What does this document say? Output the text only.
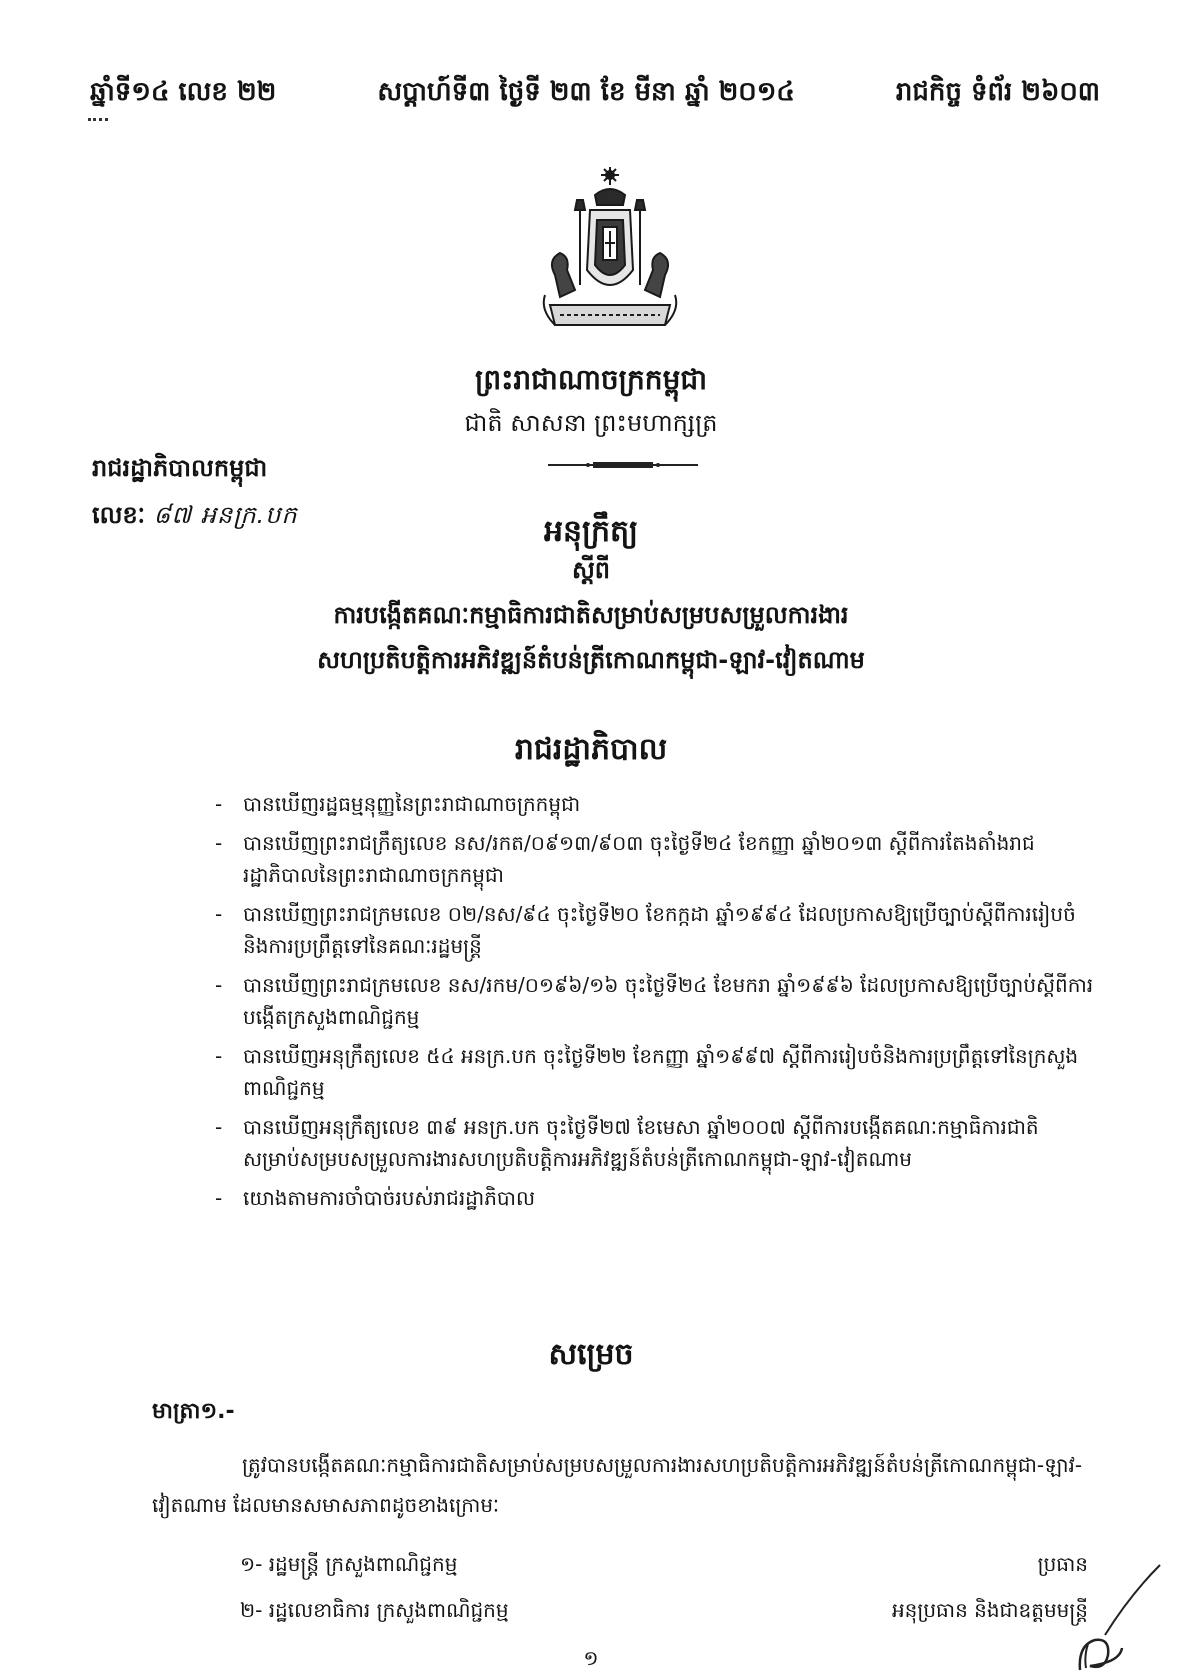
ឆ្នាំទី១៤ លេខ ២២	សប្តាហ៍ទី៣ ថ្ងៃទី ២៣ ខែ មីនា ឆ្នាំ ២០១៤	រាជកិច្ច ទំព័រ ២៦០៣
ព្រះរាជាណាចក្រកម្ពុជា
ជាតិ សាសនា ព្រះមហាក្សត្រ
រាជរដ្ឋាភិបាលកម្ពុជា
លេខៈ ៨៧ អនក្រ.បក	អនុក្រឹត្យ
ស្តីពី
ការបង្កើតគណៈកម្មាធិការជាតិសម្រាប់សម្របសម្រួលការងារ
សហប្រតិបត្តិការអភិវឌ្ឍន៍តំបន់ត្រីកោណកម្ពុជា-ឡាវ-វៀតណាម
រាជរដ្ឋាភិបាល
- បានឃើញរដ្ឋធម្មនុញ្ញនៃព្រះរាជាណាចក្រកម្ពុជា
- បានឃើញព្រះរាជក្រឹត្យលេខ នស/រកត/០៩១៣/៩០៣ ចុះថ្ងៃទី២៤ ខែកញ្ញា ឆ្នាំ២០១៣ ស្តីពីការតែងតាំងរាជរដ្ឋាភិបាលនៃព្រះរាជាណាចក្រកម្ពុជា
- បានឃើញព្រះរាជក្រមលេខ ០២/នស/៩៤ ចុះថ្ងៃទី២០ ខែកក្កដា ឆ្នាំ១៩៩៤ ដែលប្រកាសឱ្យប្រើច្បាប់ស្តីពីការរៀបចំនិងការប្រព្រឹត្តទៅនៃគណៈរដ្ឋមន្ត្រី
- បានឃើញព្រះរាជក្រមលេខ នស/រកម/០១៩៦/១៦ ចុះថ្ងៃទី២៤ ខែមករា ឆ្នាំ១៩៩៦ ដែលប្រកាសឱ្យប្រើច្បាប់ស្តីពីការបង្កើតក្រសួងពាណិជ្ជកម្ម
- បានឃើញអនុក្រឹត្យលេខ ៥៤ អនក្រ.បក ចុះថ្ងៃទី២២ ខែកញ្ញា ឆ្នាំ១៩៩៧ ស្តីពីការរៀបចំនិងការប្រព្រឹត្តទៅនៃក្រសួងពាណិជ្ជកម្ម
- បានឃើញអនុក្រឹត្យលេខ ៣៩ អនក្រ.បក ចុះថ្ងៃទី២៧ ខែមេសា ឆ្នាំ២០០៧ ស្តីពីការបង្កើតគណៈកម្មាធិការជាតិ សម្រាប់សម្របសម្រួលការងារសហប្រតិបត្តិការអភិវឌ្ឍន៍តំបន់ត្រីកោណកម្ពុជា-ឡាវ-វៀតណាម
- យោងតាមការចាំបាច់របស់រាជរដ្ឋាភិបាល
សម្រេច
មាត្រា១.-
ត្រូវបានបង្កើតគណៈកម្មាធិការជាតិសម្រាប់សម្របសម្រួលការងារសហប្រតិបត្តិការអភិវឌ្ឍន៍តំបន់ត្រីកោណកម្ពុជា-ឡាវ-វៀតណាម ដែលមានសមាសភាពដូចខាងក្រោមៈ
១- រដ្ឋមន្ត្រី ក្រសួងពាណិជ្ជកម្ម	ប្រធាន
២- រដ្ឋលេខាធិការ ក្រសួងពាណិជ្ជកម្ម	អនុប្រធាន និងជាឧត្តមមន្ត្រី
១
